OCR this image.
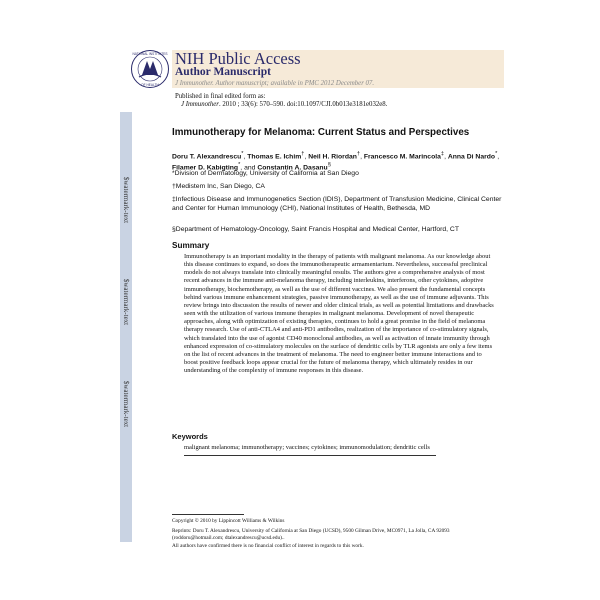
NATIONAL INSTITUTES
OF HEALTH
NIH Public Access
Author Manuscript
J Immunother. Author manuscript; available in PMC 2012 December 07.
Published in final edited form as:
J Immunother. 2010 ; 33(6): 570–590. doi:10.1097/CJI.0b013e3181e032e8.
$watermark-text
$watermark-text
$watermark-text
Immunotherapy for Melanoma: Current Status and Perspectives
Doru T. Alexandrescu*, Thomas E. Ichim†, Neil H. Riordan†, Francesco M. Marincola‡, Anna Di Nardo*, Filamer D. Kabigting*, and Constantin A. Dasanu§
*Division of Dermatology, University of California at San Diego
†Medistem Inc, San Diego, CA
‡Infectious Disease and Immunogenetics Section (IDIS), Department of Transfusion Medicine, Clinical Center and Center for Human Immunology (CHI), National Institutes of Health, Bethesda, MD
§Department of Hematology-Oncology, Saint Francis Hospital and Medical Center, Hartford, CT
Summary
Immunotherapy is an important modality in the therapy of patients with malignant melanoma. As our knowledge about this disease continues to expand, so does the immunotherapeutic armamentarium. Nevertheless, successful preclinical models do not always translate into clinically meaningful results. The authors give a comprehensive analysis of most recent advances in the immune anti-melanoma therapy, including interleukins, interferons, other cytokines, adoptive immunotherapy, biochemotherapy, as well as the use of different vaccines. We also present the fundamental concepts behind various immune enhancement strategies, passive immunotherapy, as well as the use of immune adjuvants. This review brings into discussion the results of newer and older clinical trials, as well as potential limitations and drawbacks seen with the utilization of various immune therapies in malignant melanoma. Development of novel therapeutic approaches, along with optimization of existing therapies, continues to hold a great promise in the field of melanoma therapy research. Use of anti-CTLA4 and anti-PD1 antibodies, realization of the importance of co-stimulatory signals, which translated into the use of agonist CD40 monoclonal antibodies, as well as activation of innate immunity through enhanced expression of co-stimulatory molecules on the surface of dendritic cells by TLR agonists are only a few items on the list of recent advances in the treatment of melanoma. The need to engineer better immune interactions and to boost positive feedback loops appear crucial for the future of melanoma therapy, which ultimately resides in our understanding of the complexity of immune responses in this disease.
Keywords
malignant melanoma; immunotherapy; vaccines; cytokines; immunomodulation; dendritic cells
Copyright © 2010 by Lippincott Williams & Wilkins
Reprints: Doru T. Alexandrescu, University of California at San Diego (UCSD), 9500 Gilman Drive, MC0971, La Jolla, CA 92093 (roddoru@hotmail.com; dtalexandrescu@ucsd.edu)..
All authors have confirmed there is no financial conflict of interest in regards to this work.
